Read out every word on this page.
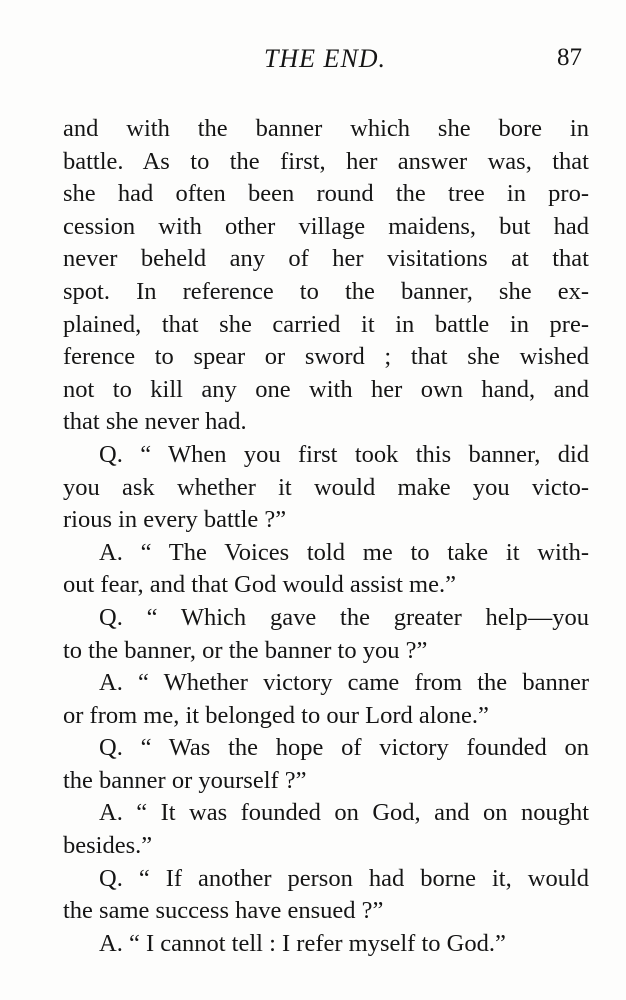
THE END.	87
and with the banner which she bore in
battle. As to the first, her answer was, that
she had often been round the tree in pro-
cession with other village maidens, but had
never beheld any of her visitations at that
spot. In reference to the banner, she ex-
plained, that she carried it in battle in pre-
ference to spear or sword ; that she wished
not to kill any one with her own hand, and
that she never had.
Q. “ When you first took this banner, did
you ask whether it would make you victo-
rious in every battle ?”
A. “ The Voices told me to take it with-
out fear, and that God would assist me.”
Q. “ Which gave the greater help—you
to the banner, or the banner to you ?”
A. “ Whether victory came from the banner
or from me, it belonged to our Lord alone.”
Q. “ Was the hope of victory founded on
the banner or yourself ?”
A. “ It was founded on God, and on nought
besides.”
Q. “ If another person had borne it, would
the same success have ensued ?”
A. “ I cannot tell : I refer myself to God.”
